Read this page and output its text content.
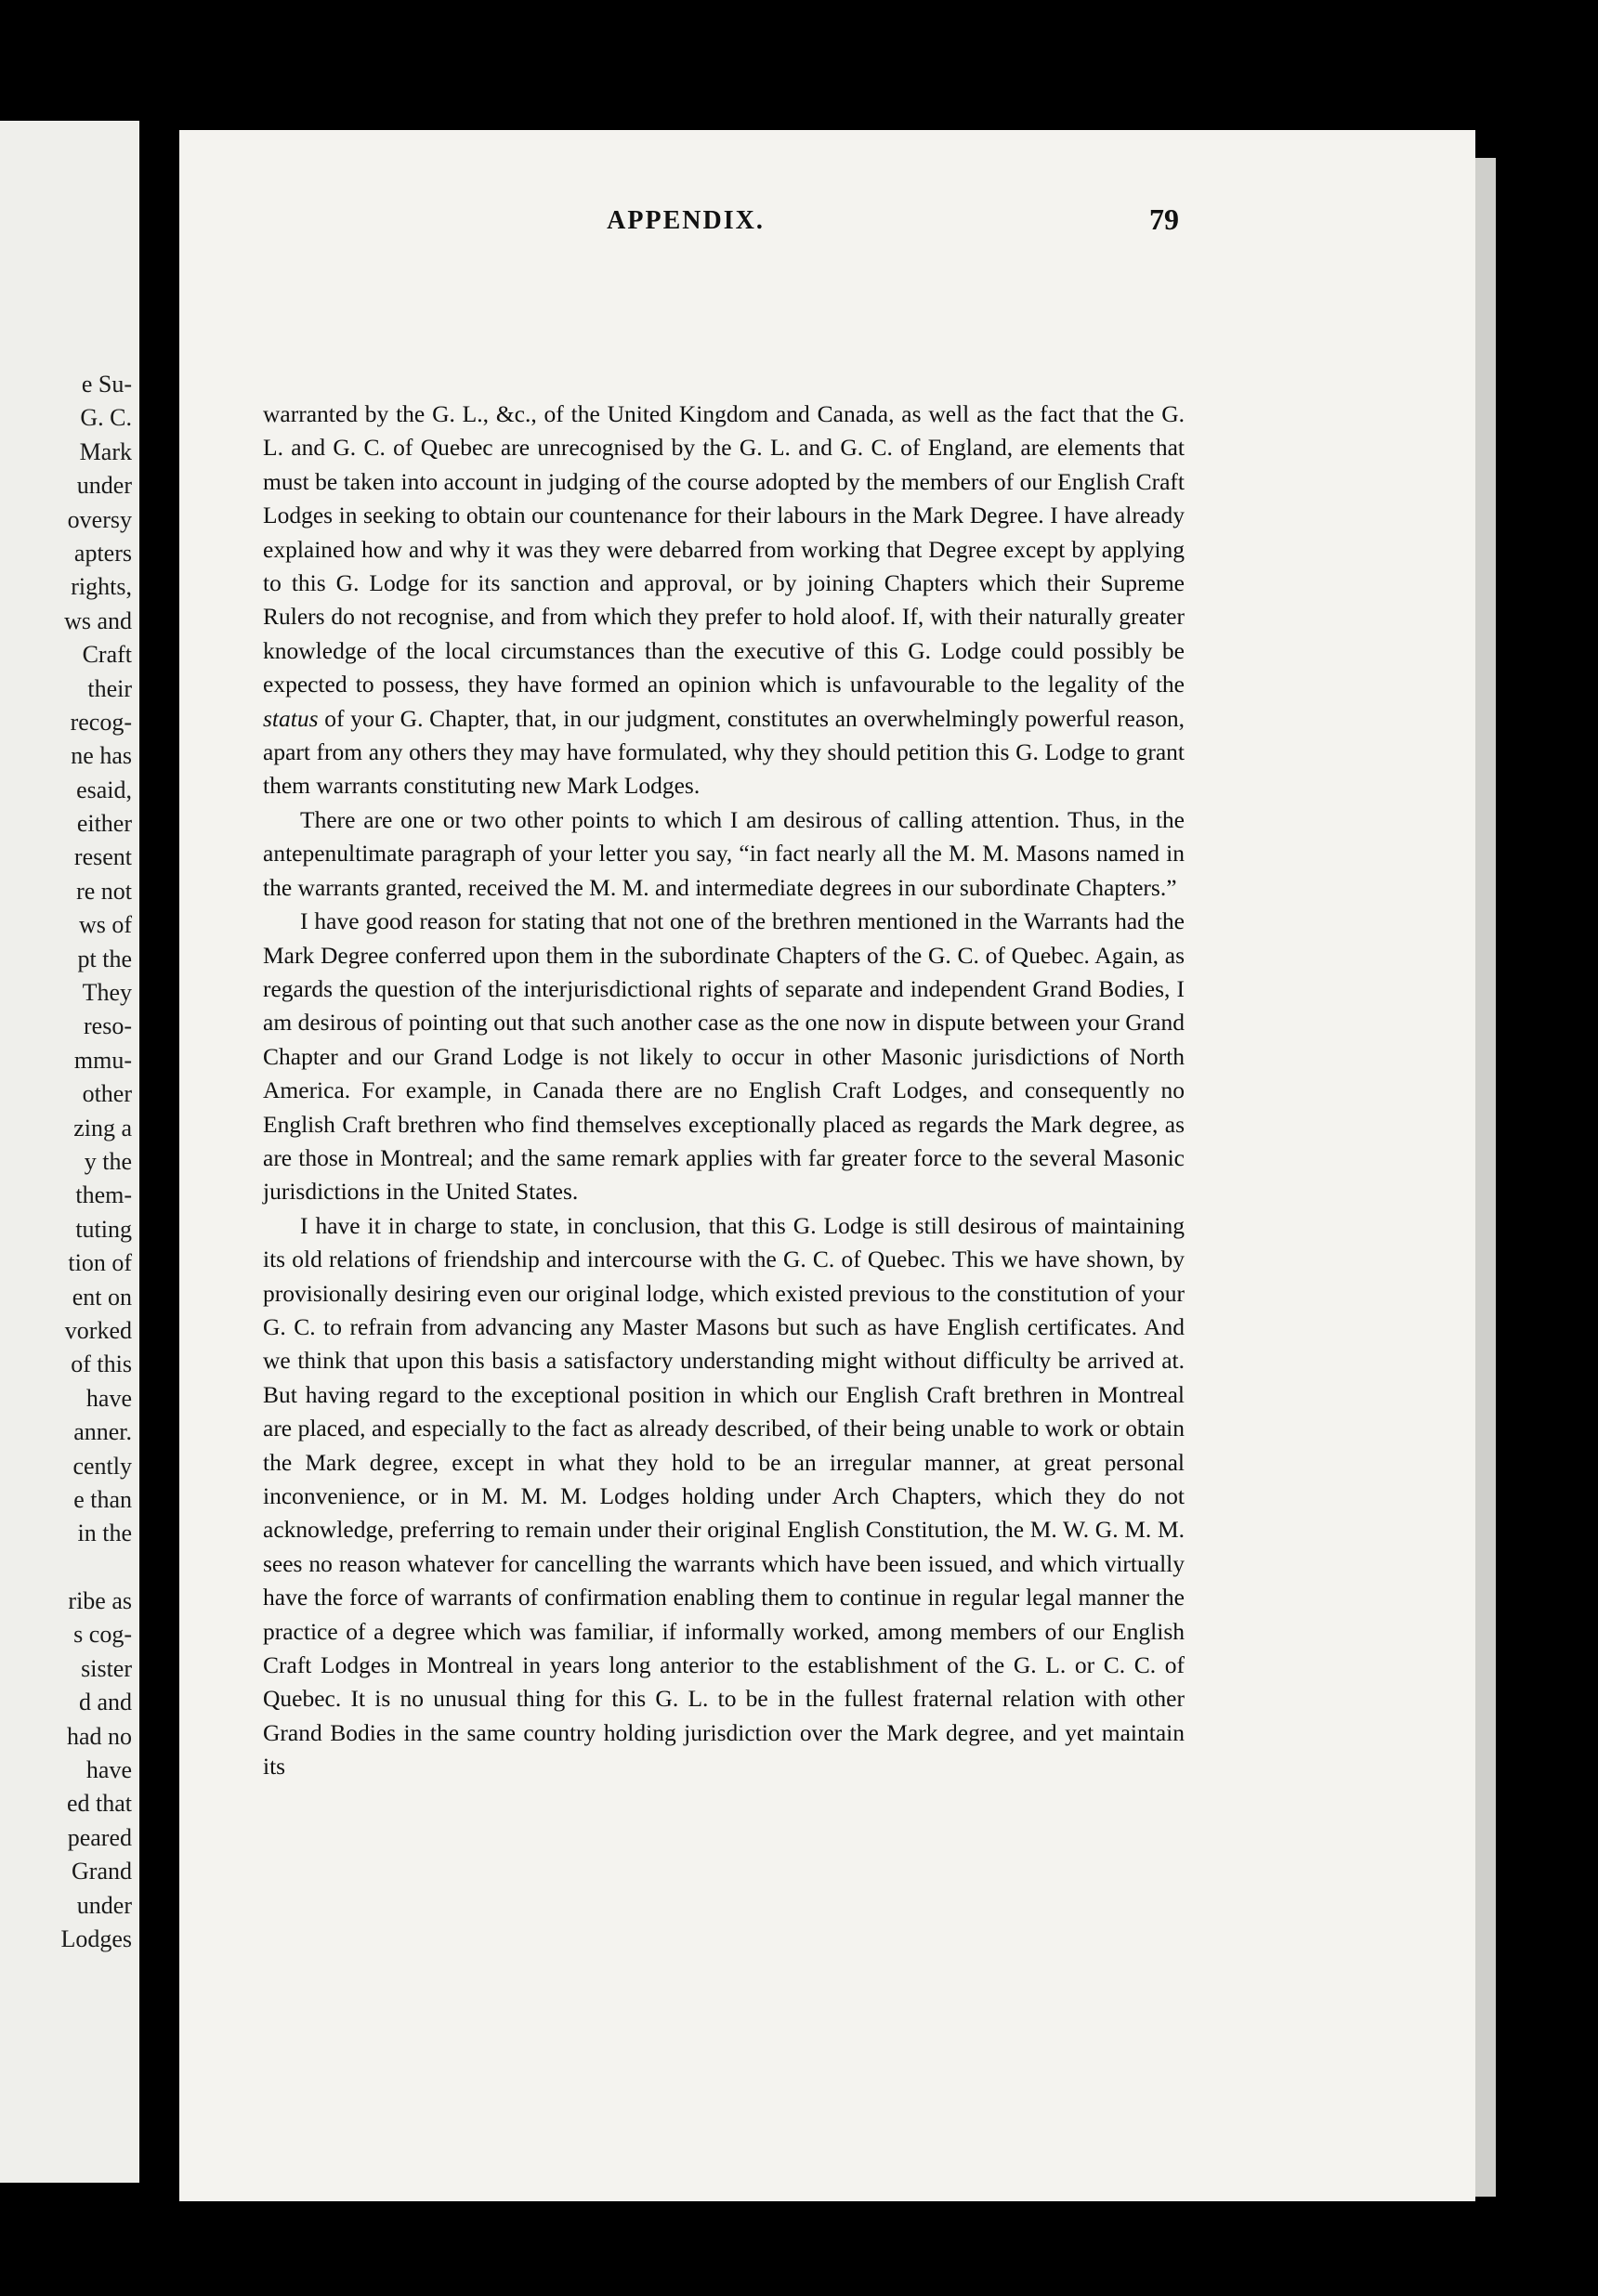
e Su-
G. C.
Mark
under
oversy
apters
rights,
ws and
Craft
their
recog-
ne has
esaid,
either
resent
re not
ws of
pt the
They
reso-
mmu-
other
zing a
y the
them-
tuting
tion of
ent on
vorked
of this
have
anner.
cently
e than
in the
ribe as
s cog-
sister
d and
had no
have
ed that
peared
Grand
under
Lodges
APPENDIX.	79

warranted by the G. L., &c., of the United Kingdom and Canada, as well as the fact that the G. L. and G. C. of Quebec are unrecognised by the G. L. and G. C. of England, are elements that must be taken into account in judging of the course adopted by the members of our English Craft Lodges in seeking to obtain our countenance for their labours in the Mark Degree. I have already explained how and why it was they were debarred from working that Degree except by applying to this G. Lodge for its sanction and approval, or by joining Chapters which their Supreme Rulers do not recognise, and from which they prefer to hold aloof. If, with their naturally greater knowledge of the local circumstances than the executive of this G. Lodge could possibly be expected to possess, they have formed an opinion which is unfavourable to the legality of the status of your G. Chapter, that, in our judgment, constitutes an overwhelmingly powerful reason, apart from any others they may have formulated, why they should petition this G. Lodge to grant them warrants constituting new Mark Lodges.

There are one or two other points to which I am desirous of calling attention. Thus, in the antepenultimate paragraph of your letter you say, “in fact nearly all the M. M. Masons named in the warrants granted, received the M. M. and intermediate degrees in our subordinate Chapters.”

I have good reason for stating that not one of the brethren mentioned in the Warrants had the Mark Degree conferred upon them in the subordinate Chapters of the G. C. of Quebec. Again, as regards the question of the interjurisdictional rights of separate and independent Grand Bodies, I am desirous of pointing out that such another case as the one now in dispute between your Grand Chapter and our Grand Lodge is not likely to occur in other Masonic jurisdictions of North America. For example, in Canada there are no English Craft Lodges, and consequently no English Craft brethren who find themselves exceptionally placed as regards the Mark degree, as are those in Montreal; and the same remark applies with far greater force to the several Masonic jurisdictions in the United States.

I have it in charge to state, in conclusion, that this G. Lodge is still desirous of maintaining its old relations of friendship and intercourse with the G. C. of Quebec. This we have shown, by provisionally desiring even our original lodge, which existed previous to the constitution of your G. C. to refrain from advancing any Master Masons but such as have English certificates. And we think that upon this basis a satisfactory understanding might without difficulty be arrived at. But having regard to the exceptional position in which our English Craft brethren in Montreal are placed, and especially to the fact as already described, of their being unable to work or obtain the Mark degree, except in what they hold to be an irregular manner, at great personal inconvenience, or in M. M. M. Lodges holding under Arch Chapters, which they do not acknowledge, preferring to remain under their original English Constitution, the M. W. G. M. M. sees no reason whatever for cancelling the warrants which have been issued, and which virtually have the force of warrants of confirmation enabling them to continue in regular legal manner the practice of a degree which was familiar, if informally worked, among members of our English Craft Lodges in Montreal in years long anterior to the establishment of the G. L. or C. C. of Quebec. It is no unusual thing for this G. L. to be in the fullest fraternal relation with other Grand Bodies in the same country holding jurisdiction over the Mark degree, and yet maintain its
